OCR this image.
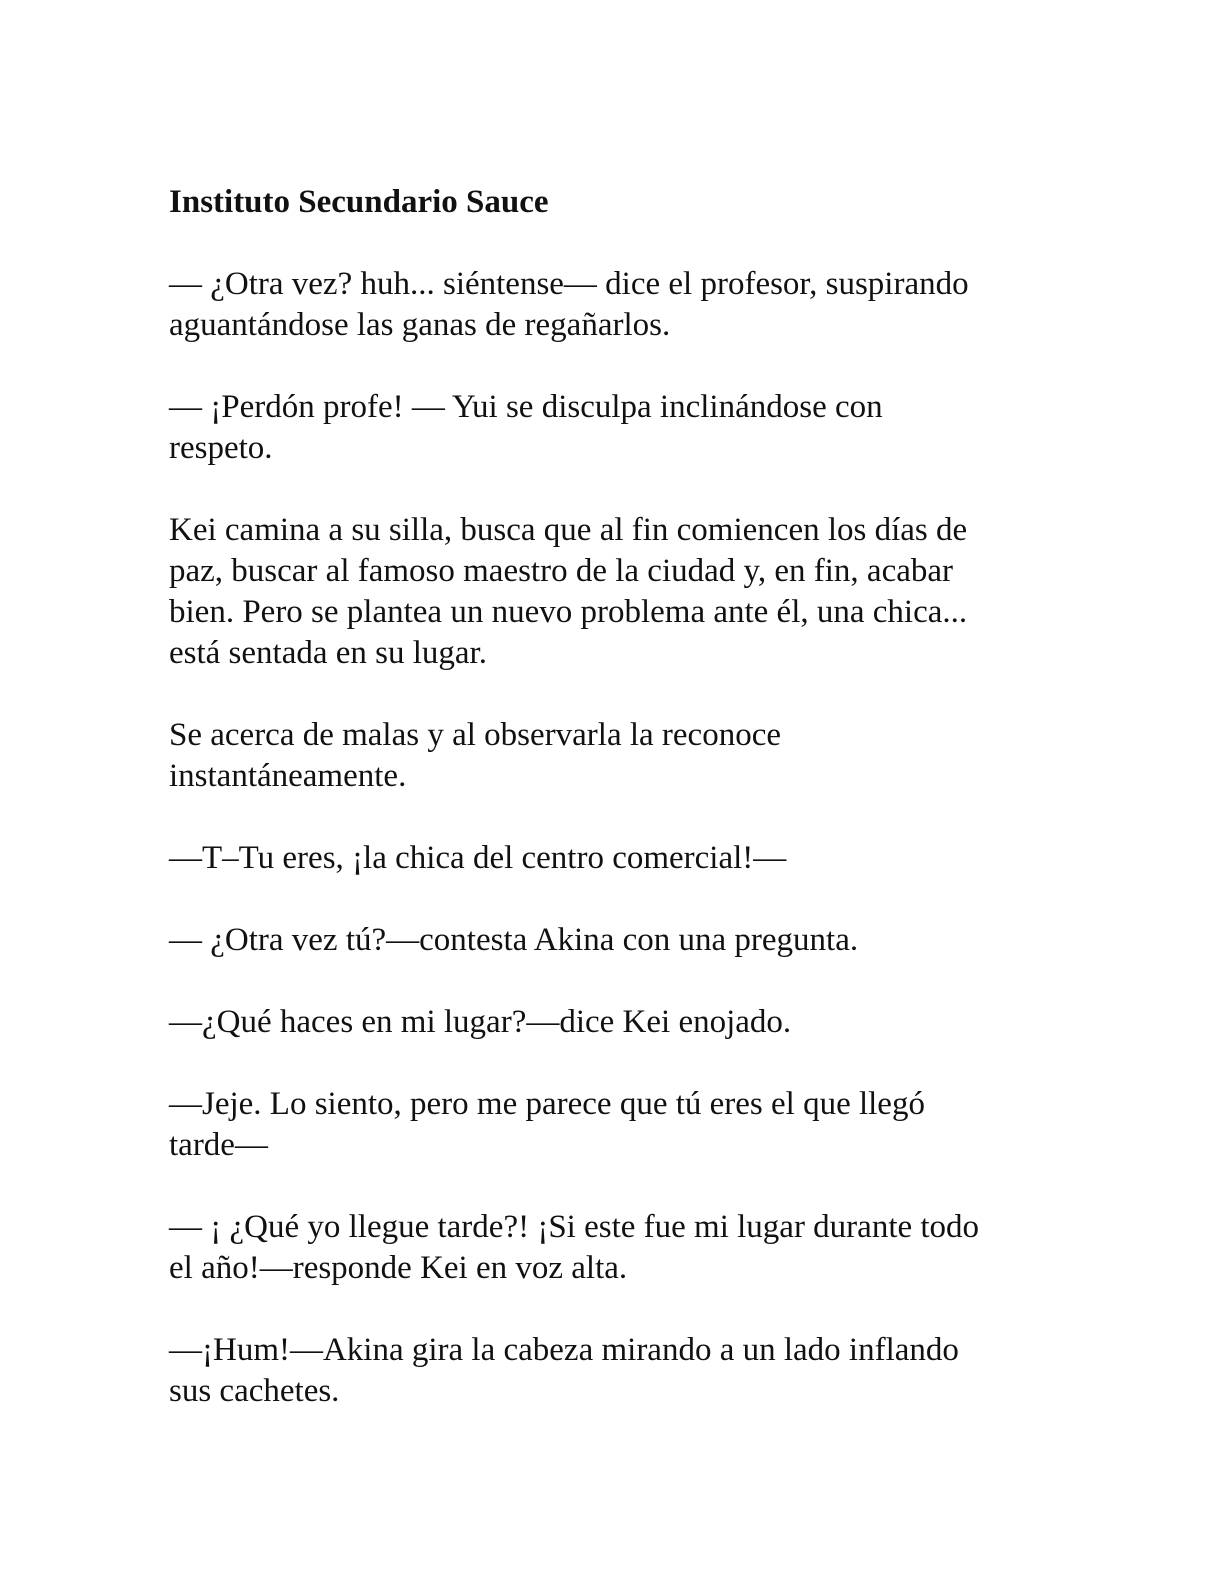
Instituto Secundario Sauce

— ¿Otra vez? huh... siéntense— dice el profesor, suspirando
aguantándose las ganas de regañarlos.

— ¡Perdón profe! — Yui se disculpa inclinándose con
respeto.

Kei camina a su silla, busca que al fin comiencen los días de
paz, buscar al famoso maestro de la ciudad y, en fin, acabar
bien. Pero se plantea un nuevo problema ante él, una chica...
está sentada en su lugar.

Se acerca de malas y al observarla la reconoce
instantáneamente.

—T–Tu eres, ¡la chica del centro comercial!—

— ¿Otra vez tú?—contesta Akina con una pregunta.

—¿Qué haces en mi lugar?—dice Kei enojado.

—Jeje. Lo siento, pero me parece que tú eres el que llegó
tarde—

— ¡ ¿Qué yo llegue tarde?! ¡Si este fue mi lugar durante todo
el año!—responde Kei en voz alta.

—¡Hum!—Akina gira la cabeza mirando a un lado inflando
sus cachetes.
